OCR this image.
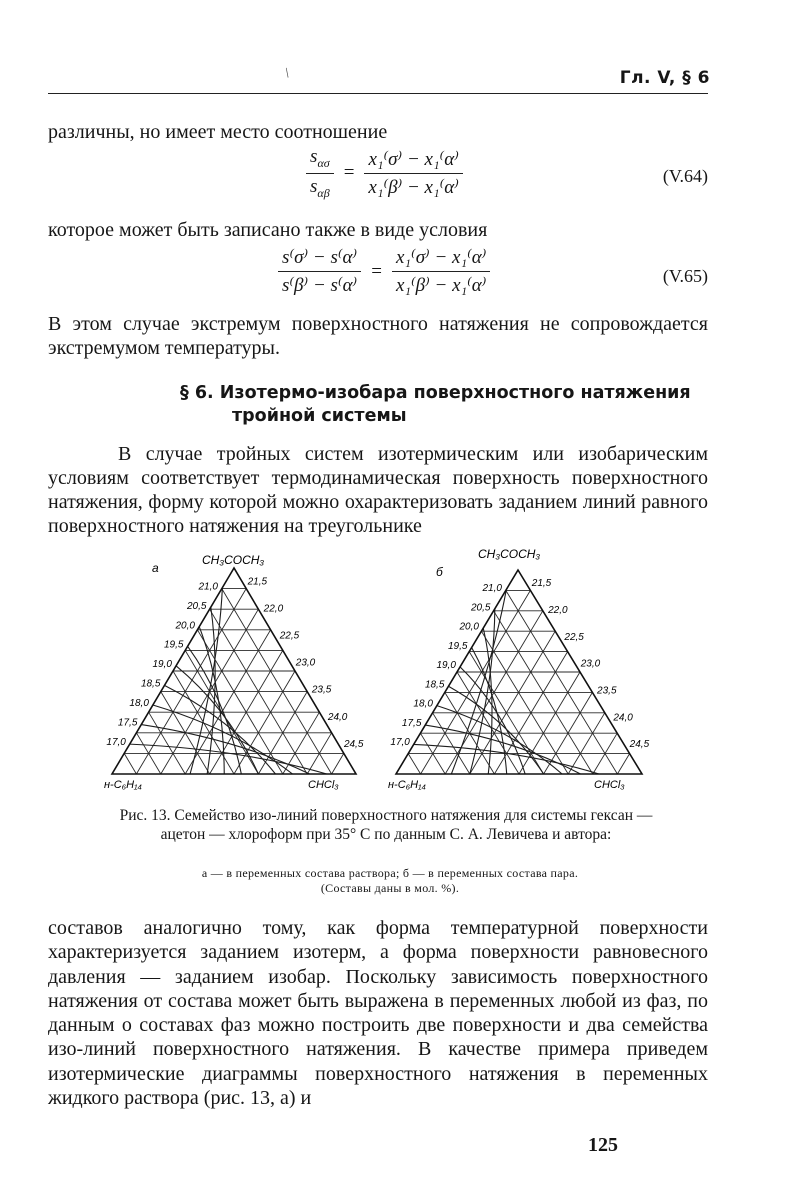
/	Гл. V, § 6
различны, но имеет место соотношение
$\frac{s_{\alpha\sigma}}{s_{\alpha\beta}} = \frac{\text{x₁⁽σ⁾ − x₁⁽α⁾}}{\text{x₁⁽β⁾ − x₁⁽α⁾}}$	(V.64)
которое может быть записано также в виде условия
$\frac{s^(\sigma^) - s^(\alpha^)}{s^(\beta^) - s^(\alpha^)} = \frac{\text{x₁⁽σ⁾ − x₁⁽α⁾}}{\text{x₁⁽β⁾ − x₁⁽α⁾}}$	(V.65)

В этом случае экстремум поверхностного натяжения не сопровождается экстремумом температуры.

§ 6. Изотермо-изобара поверхностного натяжения
тройной системы

В случае тройных систем изотермическим или изобарическим условиям соответствует термодинамическая поверхность поверхностного натяжения, форму которой можно охарактеризовать заданием линий равного поверхностного натяжения на треугольнике

а
CH₃COCH₃
н-C₆H₁₄	CHCl₃
21,0
20,5
20,0
19,5
19,0
18,5
18,0
17,5
17,0
21,5
22,0
22,5
23,0
23,5
24,0
24,5
б
CH₃COCH₃
н-C₆H₁₄	CHCl₃
21,0
20,5
20,0
19,5
19,0
18,5
18,0
17,5
17,0
21,5
22,0
22,5
23,0
23,5
24,0
24,5

Рис. 13. Семейство изо-линий поверхностного натяжения для системы гексан — ацетон — хлороформ при 35° С по данным С. А. Левичева и автора:

а — в переменных состава раствора; б — в переменных состава пара.

(Составы даны в мол. %).

составов аналогично тому, как форма температурной поверхности характеризуется заданием изотерм, а форма поверхности равновесного давления — заданием изобар. Поскольку зависимость поверхностного натяжения от состава может быть выражена в переменных любой из фаз, по данным о составах фаз можно построить две поверхности и два семейства изо-линий поверхностного натяжения. В качестве примера приведем изотермические диаграммы поверхностного натяжения в переменных жидкого раствора (рис. 13, а) и

125
